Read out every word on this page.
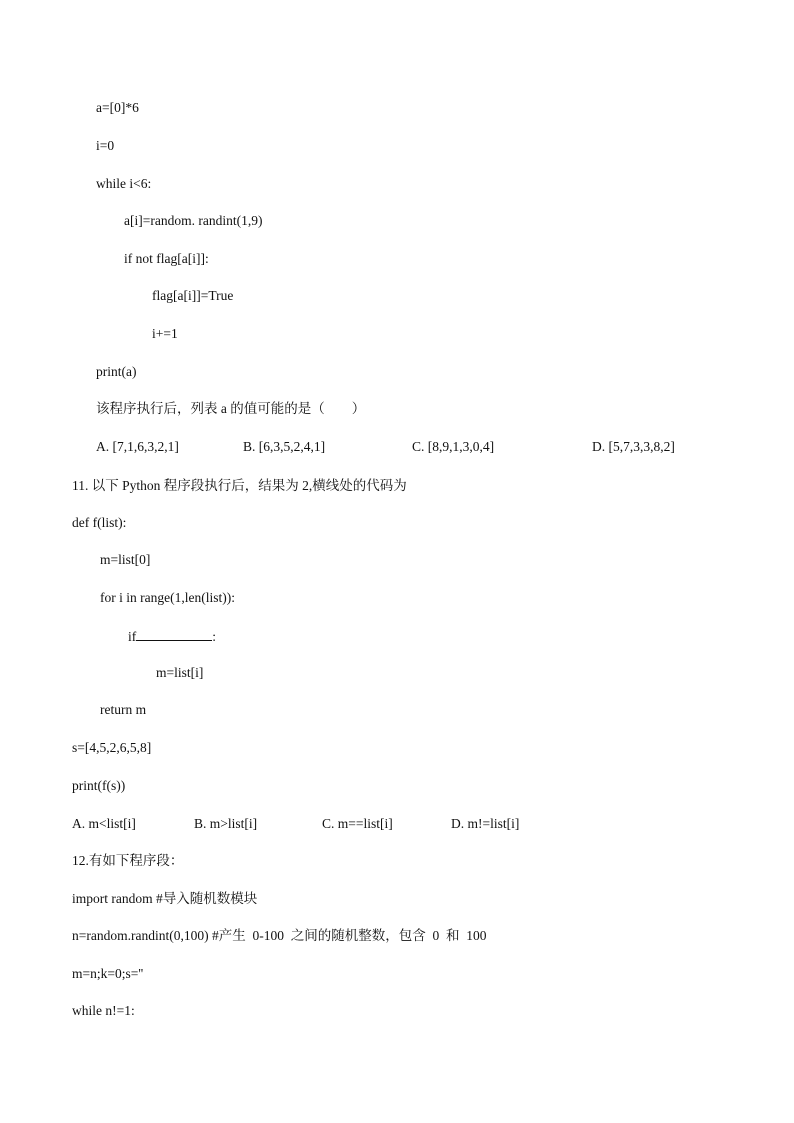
a=[0]*6
i=0
while i<6:
a[i]=random. randint(1,9)
if not flag[a[i]]:
flag[a[i]]=True
i+=1
print(a)
该程序执行后，列表 a 的值可能的是（　　）
A. [7,1,6,3,2,1]	B. [6,3,5,2,4,1]	C. [8,9,1,3,0,4]	D. [5,7,3,3,8,2]
11. 以下 Python 程序段执行后，结果为 2,横线处的代码为
def f(list):
m=list[0]
for i in range(1,len(list)):
if	:
m=list[i]
return m
s=[4,5,2,6,5,8]
print(f(s))
A. m<list[i]	B. m>list[i]	C. m==list[i]	D. m!=list[i]
12.有如下程序段：
import random #导入随机数模块
n=random.randint(0,100) #产生  0-100  之间的随机整数，包含  0  和  100
m=n;k=0;s=''
while n!=1:
